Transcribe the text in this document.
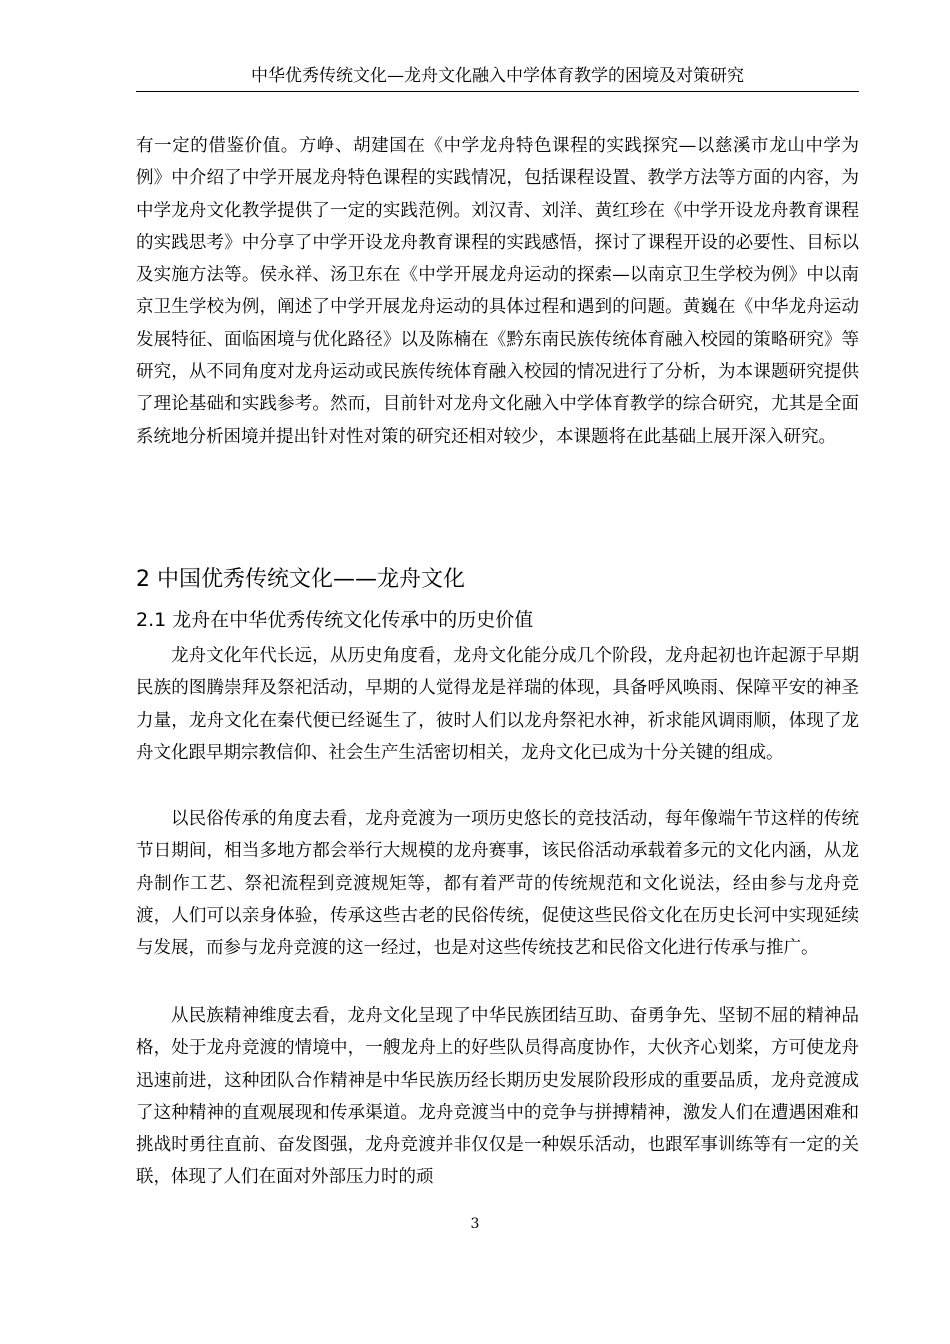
中华优秀传统文化—龙舟文化融入中学体育教学的困境及对策研究

有一定的借鉴价值。方峥、胡建国在《中学龙舟特色课程的实践探究—以慈溪市龙山中学为例》中介绍了中学开展龙舟特色课程的实践情况，包括课程设置、教学方法等方面的内容，为中学龙舟文化教学提供了一定的实践范例。刘汉青、刘洋、黄红珍在《中学开设龙舟教育课程的实践思考》中分享了中学开设龙舟教育课程的实践感悟，探讨了课程开设的必要性、目标以及实施方法等。侯永祥、汤卫东在《中学开展龙舟运动的探索—以南京卫生学校为例》中以南京卫生学校为例，阐述了中学开展龙舟运动的具体过程和遇到的问题。黄巍在《中华龙舟运动发展特征、面临困境与优化路径》以及陈楠在《黔东南民族传统体育融入校园的策略研究》等研究，从不同角度对龙舟运动或民族传统体育融入校园的情况进行了分析，为本课题研究提供了理论基础和实践参考。然而，目前针对龙舟文化融入中学体育教学的综合研究，尤其是全面系统地分析困境并提出针对性对策的研究还相对较少，本课题将在此基础上展开深入研究。

2 中国优秀传统文化——龙舟文化
2.1 龙舟在中华优秀传统文化传承中的历史价值

龙舟文化年代长远，从历史角度看，龙舟文化能分成几个阶段，龙舟起初也许起源于早期民族的图腾崇拜及祭祀活动，早期的人觉得龙是祥瑞的体现，具备呼风唤雨、保障平安的神圣力量，龙舟文化在秦代便已经诞生了，彼时人们以龙舟祭祀水神，祈求能风调雨顺，体现了龙舟文化跟早期宗教信仰、社会生产生活密切相关，龙舟文化已成为十分关键的组成。

以民俗传承的角度去看，龙舟竞渡为一项历史悠长的竞技活动，每年像端午节这样的传统节日期间，相当多地方都会举行大规模的龙舟赛事，该民俗活动承载着多元的文化内涵，从龙舟制作工艺、祭祀流程到竞渡规矩等，都有着严苛的传统规范和文化说法，经由参与龙舟竞渡，人们可以亲身体验，传承这些古老的民俗传统，促使这些民俗文化在历史长河中实现延续与发展，而参与龙舟竞渡的这一经过，也是对这些传统技艺和民俗文化进行传承与推广。

从民族精神维度去看，龙舟文化呈现了中华民族团结互助、奋勇争先、坚韧不屈的精神品格，处于龙舟竞渡的情境中，一艘龙舟上的好些队员得高度协作，大伙齐心划桨，方可使龙舟迅速前进，这种团队合作精神是中华民族历经长期历史发展阶段形成的重要品质，龙舟竞渡成了这种精神的直观展现和传承渠道。龙舟竞渡当中的竞争与拼搏精神，激发人们在遭遇困难和挑战时勇往直前、奋发图强，龙舟竞渡并非仅仅是一种娱乐活动，也跟军事训练等有一定的关联，体现了人们在面对外部压力时的顽

3
